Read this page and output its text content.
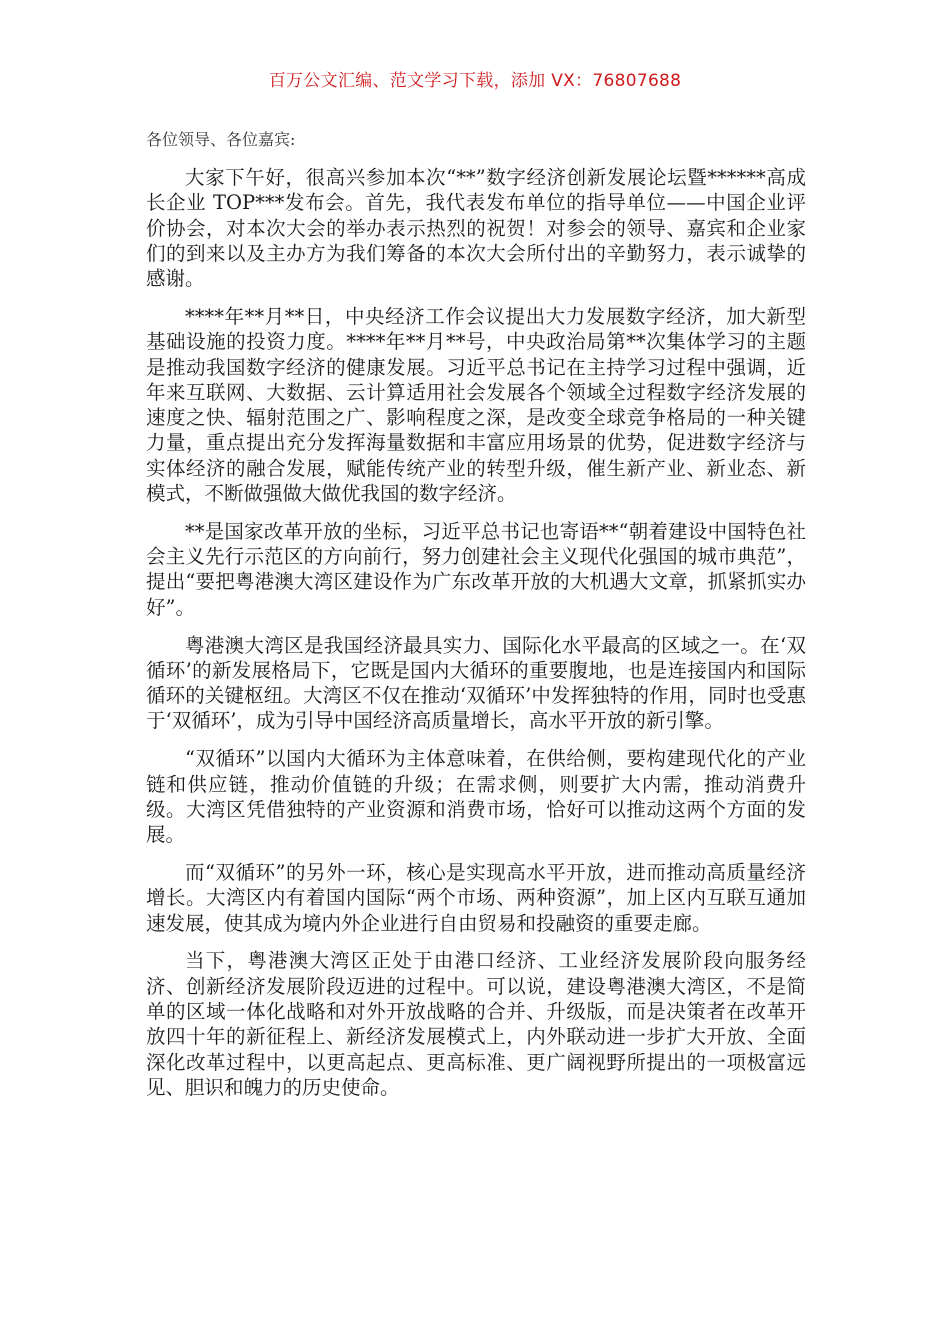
百万公文汇编、范文学习下载，添加 VX：76807688
各位领导、各位嘉宾:

大家下午好，很高兴参加本次“**”数字经济创新发展论坛暨******高成长企业 TOP***发布会。首先，我代表发布单位的指导单位——中国企业评价协会，对本次大会的举办表示热烈的祝贺！对参会的领导、嘉宾和企业家们的到来以及主办方为我们筹备的本次大会所付出的辛勤努力，表示诚挚的感谢。

****年**月**日，中央经济工作会议提出大力发展数字经济，加大新型基础设施的投资力度。****年**月**号，中央政治局第**次集体学习的主题是推动我国数字经济的健康发展。习近平总书记在主持学习过程中强调，近年来互联网、大数据、云计算适用社会发展各个领域全过程数字经济发展的速度之快、辐射范围之广、影响程度之深，是改变全球竞争格局的一种关键力量，重点提出充分发挥海量数据和丰富应用场景的优势，促进数字经济与实体经济的融合发展，赋能传统产业的转型升级，催生新产业、新业态、新模式，不断做强做大做优我国的数字经济。

**是国家改革开放的坐标，习近平总书记也寄语**“朝着建设中国特色社会主义先行示范区的方向前行，努力创建社会主义现代化强国的城市典范”，提出“要把粤港澳大湾区建设作为广东改革开放的大机遇大文章，抓紧抓实办好”。

粤港澳大湾区是我国经济最具实力、国际化水平最高的区域之一。在‘双循环’的新发展格局下，它既是国内大循环的重要腹地，也是连接国内和国际循环的关键枢纽。大湾区不仅在推动‘双循环’中发挥独特的作用，同时也受惠于‘双循环’，成为引导中国经济高质量增长，高水平开放的新引擎。

“双循环”以国内大循环为主体意味着，在供给侧，要构建现代化的产业链和供应链，推动价值链的升级；在需求侧，则要扩大内需，推动消费升级。大湾区凭借独特的产业资源和消费市场，恰好可以推动这两个方面的发展。

而“双循环”的另外一环，核心是实现高水平开放，进而推动高质量经济增长。大湾区内有着国内国际“两个市场、两种资源”，加上区内互联互通加速发展，使其成为境内外企业进行自由贸易和投融资的重要走廊。

当下，粤港澳大湾区正处于由港口经济、工业经济发展阶段向服务经济、创新经济发展阶段迈进的过程中。可以说，建设粤港澳大湾区，不是简单的区域一体化战略和对外开放战略的合并、升级版，而是决策者在改革开放四十年的新征程上、新经济发展模式上，内外联动进一步扩大开放、全面深化改革过程中，以更高起点、更高标准、更广阔视野所提出的一项极富远见、胆识和魄力的历史使命。
